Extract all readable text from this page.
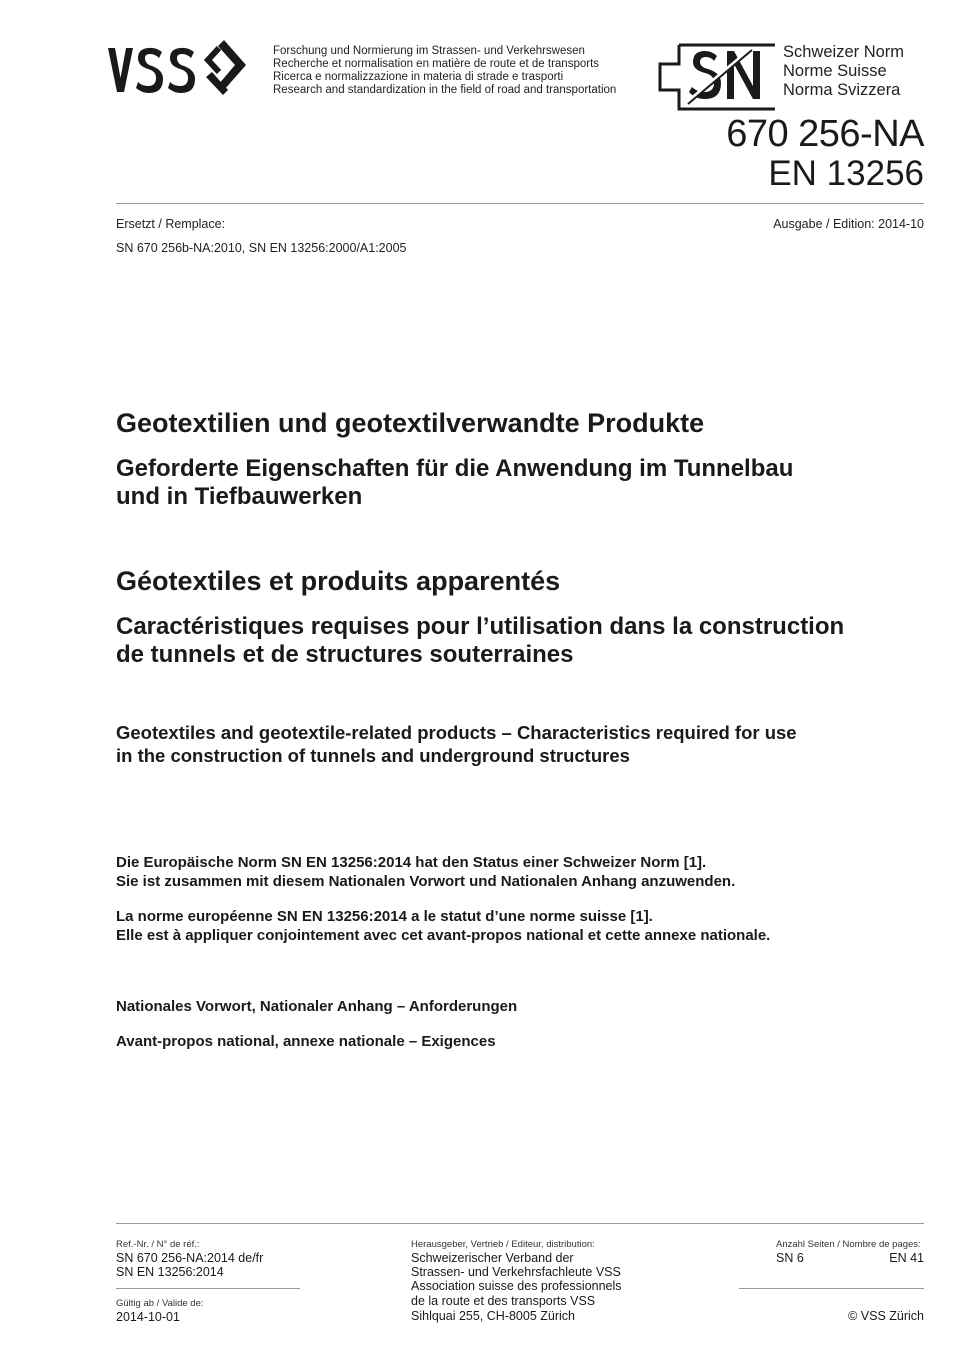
Forschung und Normierung im Strassen- und Verkehrswesen
Recherche et normalisation en matière de route et de transports
Ricerca e normalizzazione in materia di strade e trasporti
Research and standardization in the field of road and transportation
Schweizer Norm
Norme Suisse
Norma Svizzera
670 256-NA
EN 13256
Ersetzt / Remplace:	Ausgabe / Edition: 2014-10
SN 670 256b-NA:2010, SN EN 13256:2000/A1:2005
Geotextilien und geotextilverwandte Produkte
Geforderte Eigenschaften für die Anwendung im Tunnelbau
und in Tiefbauwerken
Géotextiles et produits apparentés
Caractéristiques requises pour l’utilisation dans la construction
de tunnels et de structures souterraines
Geotextiles and geotextile-related products – Characteristics required for use
in the construction of tunnels and underground structures
Die Europäische Norm SN EN 13256:2014 hat den Status einer Schweizer Norm [1].
Sie ist zusammen mit diesem Nationalen Vorwort und Nationalen Anhang anzuwenden.
La norme européenne SN EN 13256:2014 a le statut d’une norme suisse [1].
Elle est à appliquer conjointement avec cet avant-propos national et cette annexe nationale.
Nationales Vorwort, Nationaler Anhang – Anforderungen
Avant-propos national, annexe nationale – Exigences
Ref.-Nr. / N° de réf.:
SN 670 256-NA:2014 de/fr
SN EN 13256:2014
Gültig ab / Valide de:
2014-10-01
Herausgeber, Vertrieb / Editeur, distribution:
Schweizerischer Verband der
Strassen- und Verkehrsfachleute VSS
Association suisse des professionnels
de la route et des transports VSS
Sihlquai 255, CH-8005 Zürich
Anzahl Seiten / Nombre de pages:
SN 6	EN 41
© VSS Zürich
